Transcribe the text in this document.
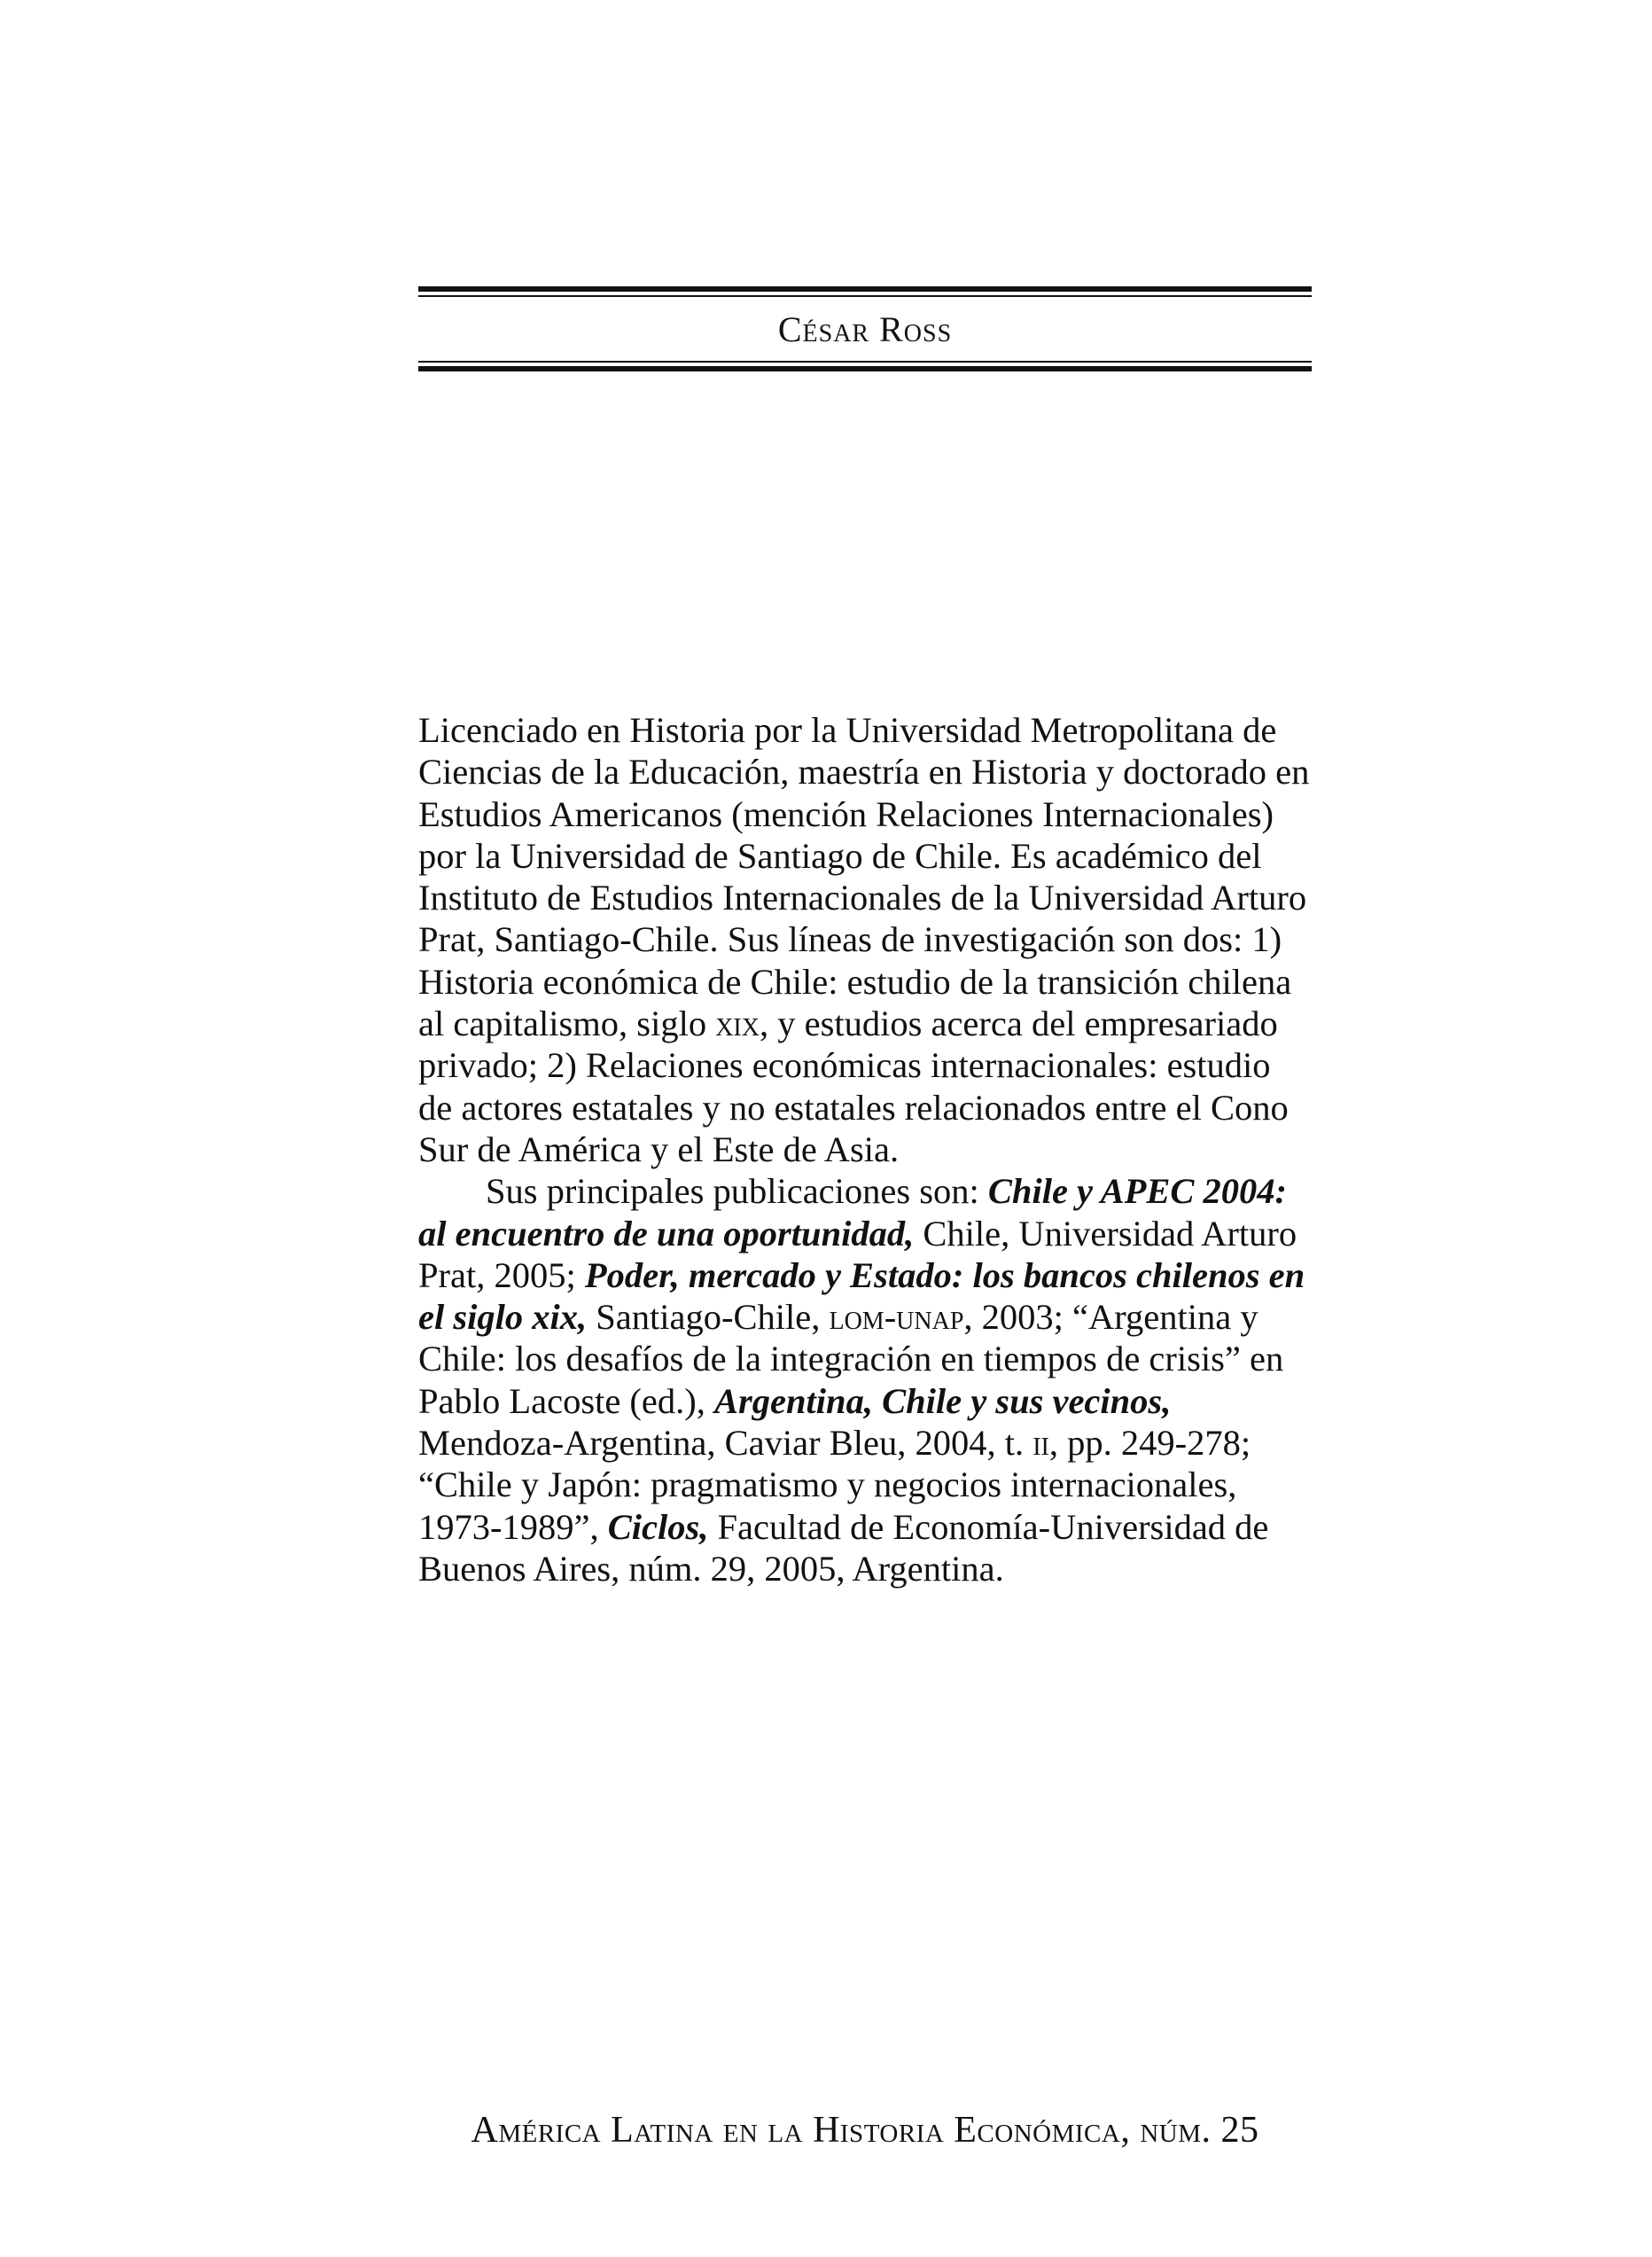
César Ross

Licenciado en Historia por la Universidad Metropolitana de Ciencias de la Educación, maestría en Historia y doctorado en Estudios Americanos (mención Relaciones Internacionales) por la Universidad de Santiago de Chile. Es académico del Instituto de Estudios Internacionales de la Universidad Arturo Prat, Santiago-Chile. Sus líneas de investigación son dos: 1) Historia económica de Chile: estudio de la transición chilena al capitalismo, siglo xix, y estudios acerca del empresariado privado; 2) Relaciones económicas internacionales: estudio de actores estatales y no estatales relacionados entre el Cono Sur de América y el Este de Asia.

Sus principales publicaciones son: Chile y APEC 2004: al encuentro de una oportunidad, Chile, Universidad Arturo Prat, 2005; Poder, mercado y Estado: los bancos chilenos en el siglo xix, Santiago-Chile, lom-unap, 2003; “Argentina y Chile: los desafíos de la integración en tiempos de crisis” en Pablo Lacoste (ed.), Argentina, Chile y sus vecinos, Mendoza-Argentina, Caviar Bleu, 2004, t. ii, pp. 249-278; “Chile y Japón: pragmatismo y negocios internacionales, 1973-1989”, Ciclos, Facultad de Economía-Universidad de Buenos Aires, núm. 29, 2005, Argentina.

América Latina en la Historia Económica, núm. 25
